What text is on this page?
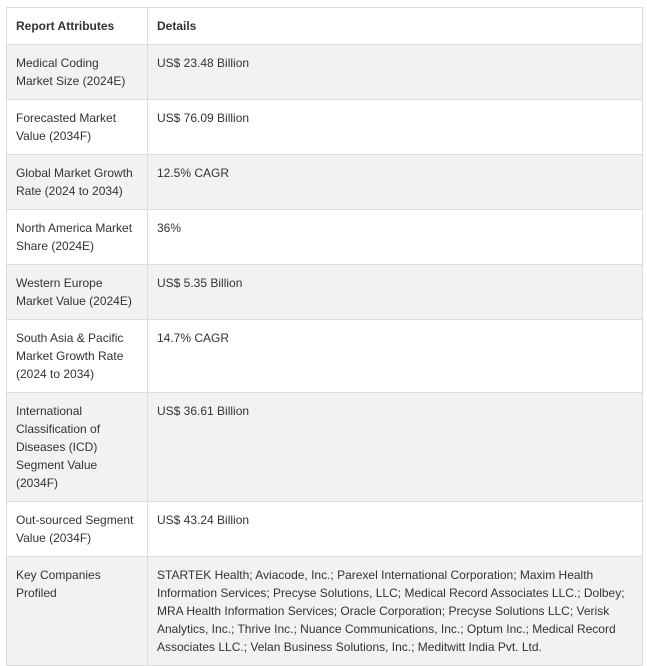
Report Attributes	Details
Medical Coding Market Size (2024E)	US$ 23.48 Billion
Forecasted Market Value (2034F)	US$ 76.09 Billion
Global Market Growth Rate (2024 to 2034)	12.5% CAGR
North America Market Share (2024E)	36%
Western Europe Market Value (2024E)	US$ 5.35 Billion
South Asia & Pacific Market Growth Rate (2024 to 2034)	14.7% CAGR
International Classification of Diseases (ICD) Segment Value (2034F)	US$ 36.61 Billion
Out-sourced Segment Value (2034F)	US$ 43.24 Billion
Key Companies Profiled	STARTEK Health; Aviacode, Inc.; Parexel International Corporation; Maxim Health Information Services; Precyse Solutions, LLC; Medical Record Associates LLC.; Dolbey; MRA Health Information Services; Oracle Corporation; Precyse Solutions LLC; Verisk Analytics, Inc.; Thrive Inc.; Nuance Communications, Inc.; Optum Inc.; Medical Record Associates LLC.; Velan Business Solutions, Inc.; Meditwitt India Pvt. Ltd.
